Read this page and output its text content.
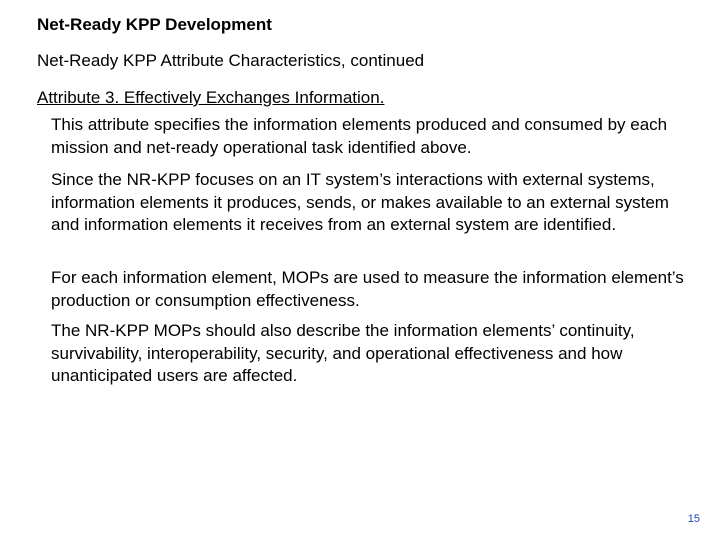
Net-Ready KPP Development
Net-Ready KPP Attribute Characteristics, continued
Attribute 3. Effectively Exchanges Information.

This attribute specifies the information elements produced and consumed by each mission and net-ready operational task identified above.

Since the NR-KPP focuses on an IT system’s interactions with external systems, information elements it produces, sends, or makes available to an external system and information elements it receives from an external system are identified.

For each information element, MOPs are used to measure the information element’s production or consumption effectiveness.

The NR-KPP MOPs should also describe the information elements’ continuity, survivability, interoperability, security, and operational effectiveness and how unanticipated users are affected.

15
